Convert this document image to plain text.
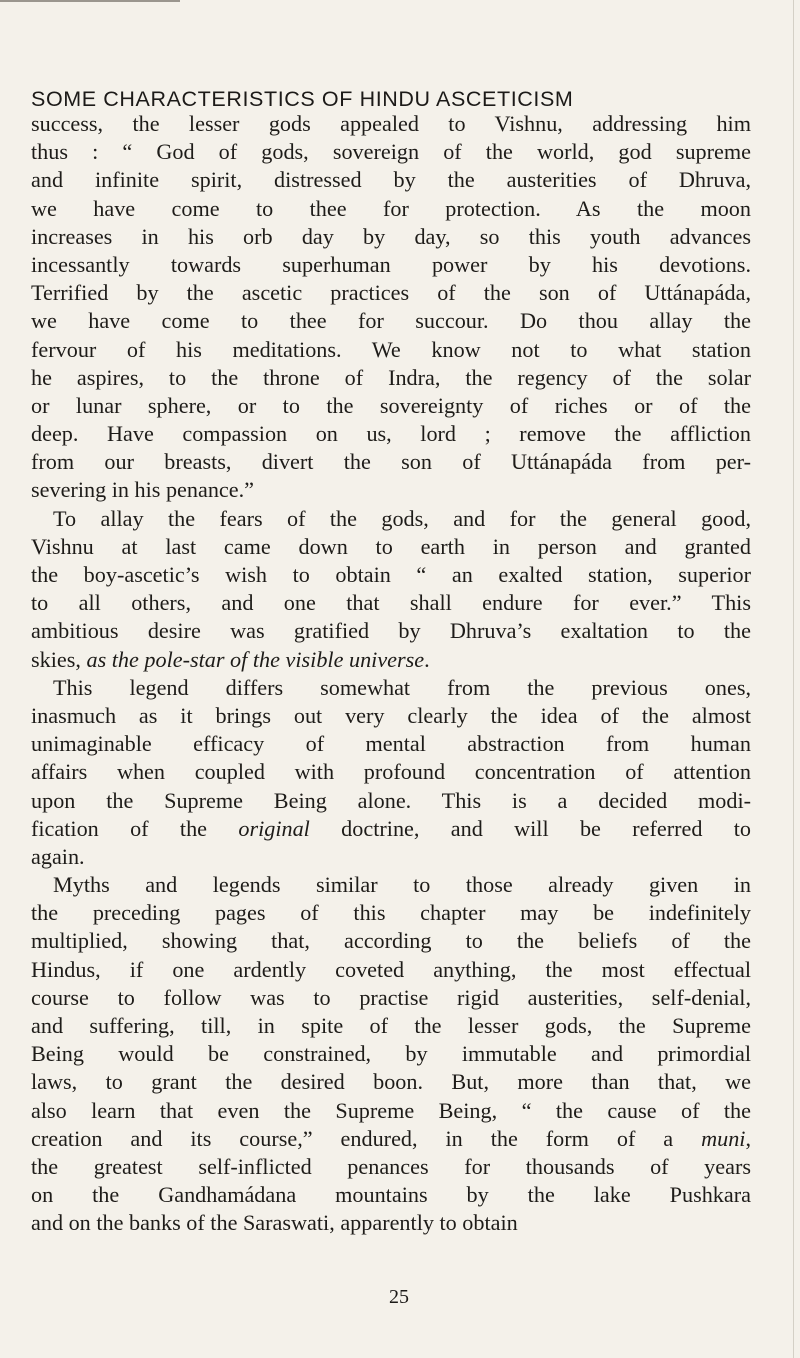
SOME CHARACTERISTICS OF HINDU ASCETICISM
success, the lesser gods appealed to Vishnu, addressing him
thus : “ God of gods, sovereign of the world, god supreme
and infinite spirit, distressed by the austerities of Dhruva,
we have come to thee for protection. As the moon
increases in his orb day by day, so this youth advances
incessantly towards superhuman power by his devotions.
Terrified by the ascetic practices of the son of Uttánapáda,
we have come to thee for succour. Do thou allay the
fervour of his meditations. We know not to what station
he aspires, to the throne of Indra, the regency of the solar
or lunar sphere, or to the sovereignty of riches or of the
deep. Have compassion on us, lord ; remove the affliction
from our breasts, divert the son of Uttánapáda from per-
severing in his penance.”
To allay the fears of the gods, and for the general good,
Vishnu at last came down to earth in person and granted
the boy-ascetic’s wish to obtain “ an exalted station, superior
to all others, and one that shall endure for ever.” This
ambitious desire was gratified by Dhruva’s exaltation to the
skies, as the pole-star of the visible universe.
This legend differs somewhat from the previous ones,
inasmuch as it brings out very clearly the idea of the almost
unimaginable efficacy of mental abstraction from human
affairs when coupled with profound concentration of attention
upon the Supreme Being alone. This is a decided modi-
fication of the original doctrine, and will be referred to
again.
Myths and legends similar to those already given in
the preceding pages of this chapter may be indefinitely
multiplied, showing that, according to the beliefs of the
Hindus, if one ardently coveted anything, the most effectual
course to follow was to practise rigid austerities, self-denial,
and suffering, till, in spite of the lesser gods, the Supreme
Being would be constrained, by immutable and primordial
laws, to grant the desired boon. But, more than that, we
also learn that even the Supreme Being, “ the cause of the
creation and its course,” endured, in the form of a muni,
the greatest self-inflicted penances for thousands of years
on the Gandhamádana mountains by the lake Pushkara
and on the banks of the Saraswati, apparently to obtain
25
